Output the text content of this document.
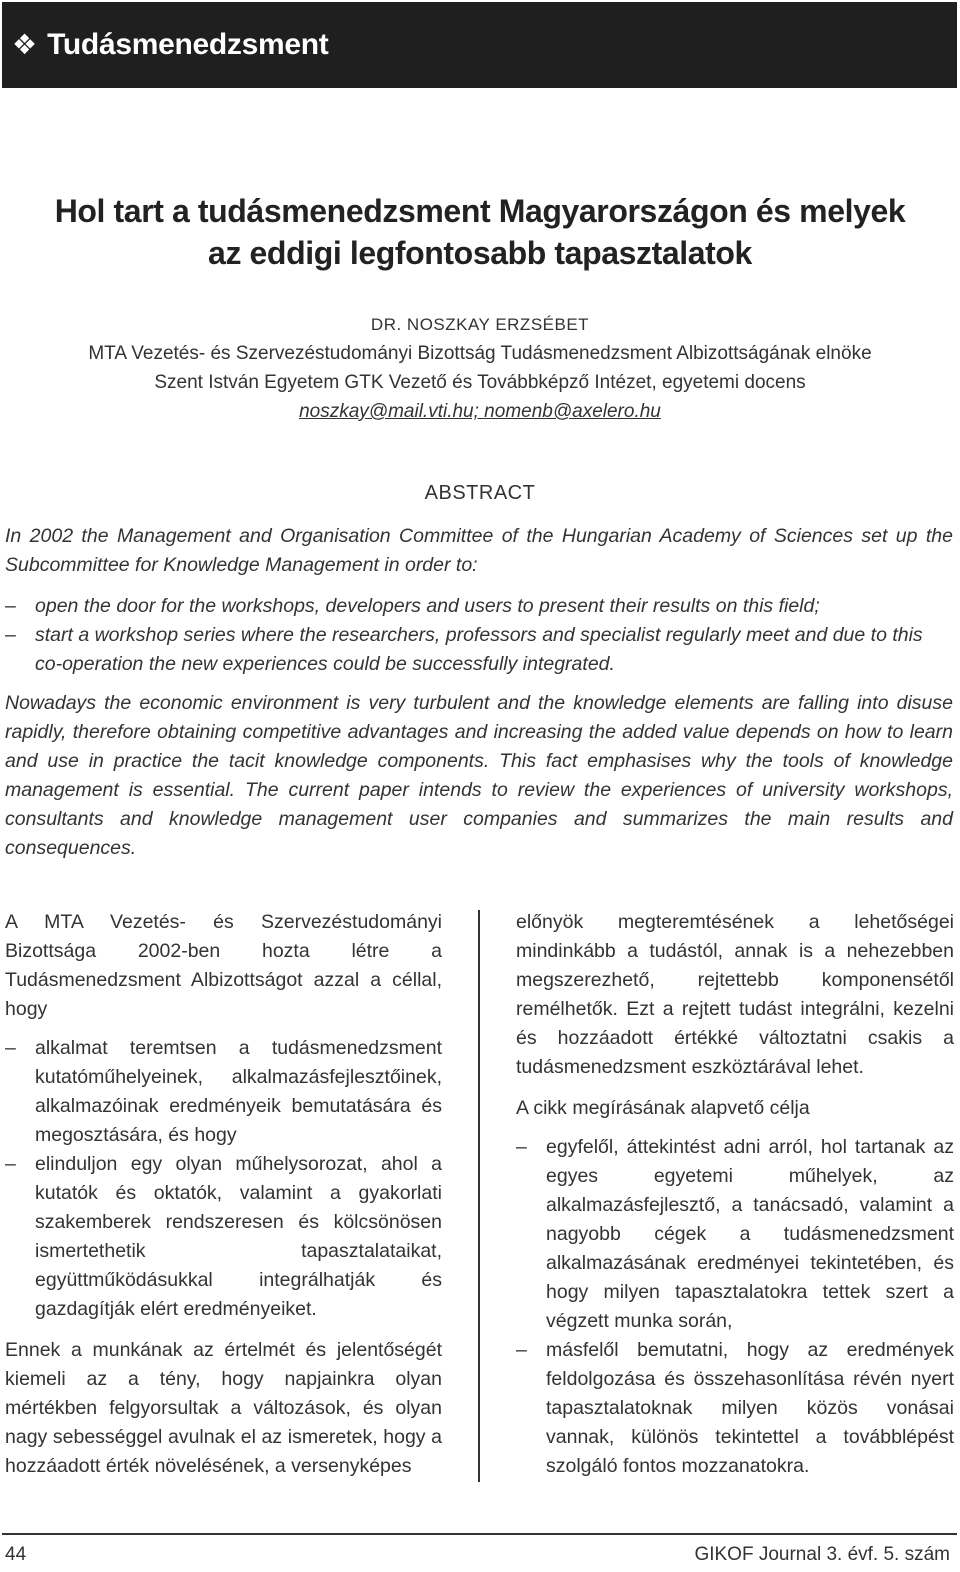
❖ Tudásmenedzsment
Hol tart a tudásmenedzsment Magyarországon és melyek
az eddigi legfontosabb tapasztalatok
DR. NOSZKAY ERZSÉBET
MTA Vezetés- és Szervezéstudományi Bizottság Tudásmenedzsment Albizottságának elnöke
Szent István Egyetem GTK Vezető és Továbbképző Intézet, egyetemi docens
noszkay@mail.vti.hu; nomenb@axelero.hu
ABSTRACT

In 2002 the Management and Organisation Committee of the Hungarian Academy of Sciences set up the Subcommittee for Knowledge Management in order to:

– open the door for the workshops, developers and users to present their results on this field;
– start a workshop series where the researchers, professors and specialist regularly meet and due to this co-operation the new experiences could be successfully integrated.

Nowadays the economic environment is very turbulent and the knowledge elements are falling into disuse rapidly, therefore obtaining competitive advantages and increasing the added value depends on how to learn and use in practice the tacit knowledge components. This fact emphasises why the tools of knowledge management is essential. The current paper intends to review the experiences of university workshops, consultants and knowledge management user companies and summarizes the main results and consequences.

A MTA Vezetés- és Szervezéstudományi Bizottsága 2002-ben hozta létre a Tudásmenedzsment Albizottságot azzal a céllal, hogy

– alkalmat teremtsen a tudásmenedzsment kutatóműhelyeinek, alkalmazásfejlesztőinek, alkalmazóinak eredményeik bemutatására és megosztására, és hogy
– elinduljon egy olyan műhelysorozat, ahol a kutatók és oktatók, valamint a gyakorlati szakemberek rendszeresen és kölcsönösen ismertethetik tapasztalataikat, együttműködásukkal integrálhatják és gazdagítják elért eredményeiket.

Ennek a munkának az értelmét és jelentőségét kiemeli az a tény, hogy napjainkra olyan mértékben felgyorsultak a változások, és olyan nagy sebességgel avulnak el az ismeretek, hogy a hozzáadott érték növelésének, a versenyképes

előnyök megteremtésének a lehetőségei mindinkább a tudástól, annak is a nehezebben megszerezhető, rejtettebb komponensétől remélhetők. Ezt a rejtett tudást integrálni, kezelni és hozzáadott értékké változtatni csakis a tudásmenedzsment eszköztárával lehet.

A cikk megírásának alapvető célja

– egyfelől, áttekintést adni arról, hol tartanak az egyes egyetemi műhelyek, az alkalmazásfejlesztő, a tanácsadó, valamint a nagyobb cégek a tudásmenedzsment alkalmazásának eredményei tekintetében, és hogy milyen tapasztalatokra tettek szert a végzett munka során,
– másfelől bemutatni, hogy az eredmények feldolgozása és összehasonlítása révén nyert tapasztalatoknak milyen közös vonásai vannak, különös tekintettel a továbblépést szolgáló fontos mozzanatokra.
44	GIKOF Journal 3. évf. 5. szám
